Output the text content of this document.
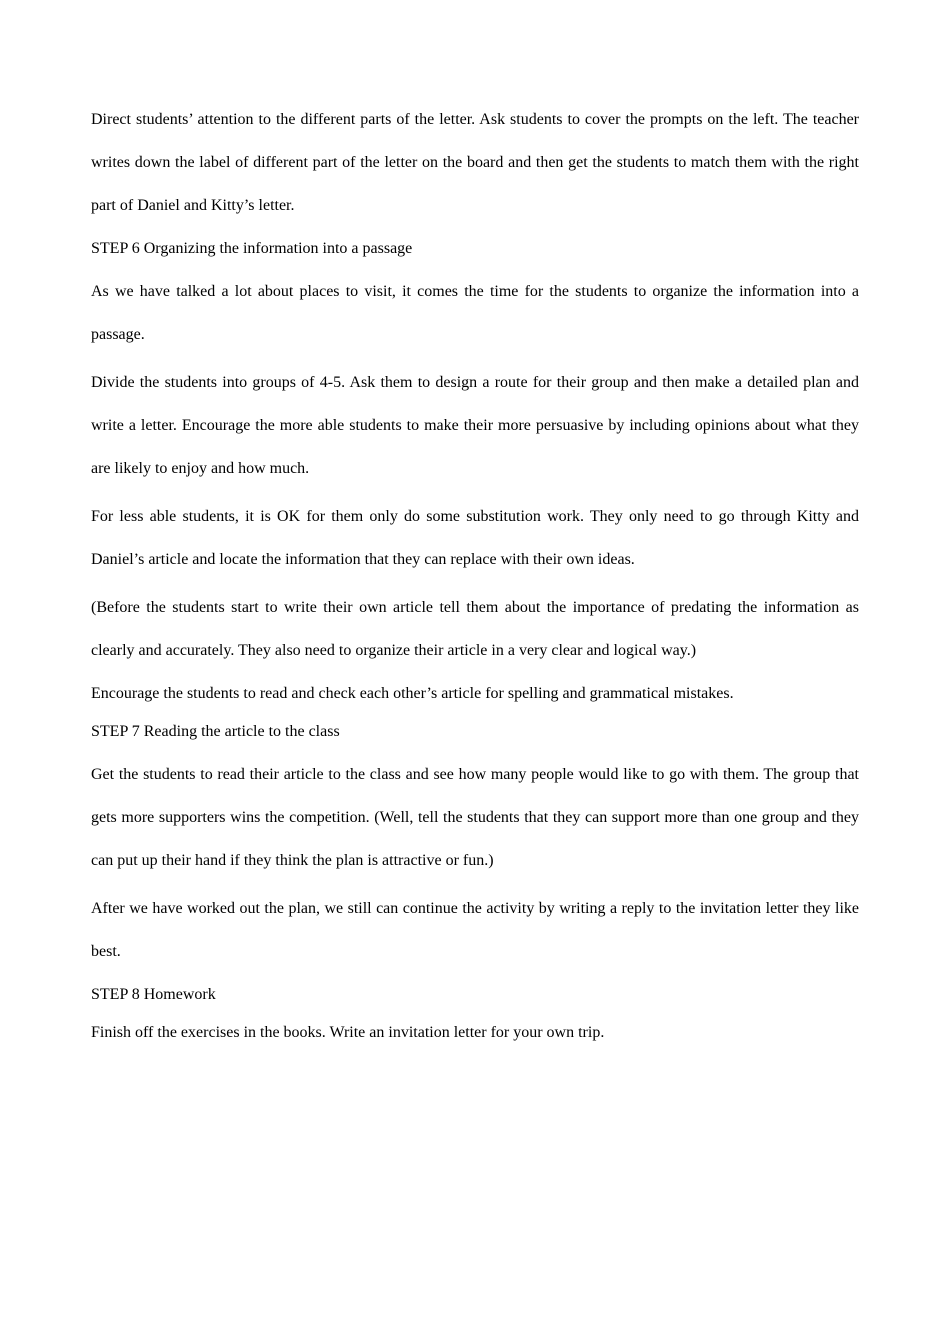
Direct students’ attention to the different parts of the letter. Ask students to cover the prompts on the left. The teacher writes down the label of different part of the letter on the board and then get the students to match them with the right part of Daniel and Kitty’s letter.

STEP 6 Organizing the information into a passage

As we have talked a lot about places to visit, it comes the time for the students to organize the information into a passage.

Divide the students into groups of 4-5. Ask them to design a route for their group and then make a detailed plan and write a letter. Encourage the more able students to make their more persuasive by including opinions about what they are likely to enjoy and how much.

For less able students, it is OK for them only do some substitution work. They only need to go through Kitty and Daniel’s article and locate the information that they can replace with their own ideas.

(Before the students start to write their own article tell them about the importance of predating the information as clearly and accurately. They also need to organize their article in a very clear and logical way.)

Encourage the students to read and check each other’s article for spelling and grammatical mistakes.

STEP 7 Reading the article to the class

Get the students to read their article to the class and see how many people would like to go with them. The group that gets more supporters wins the competition. (Well, tell the students that they can support more than one group and they can put up their hand if they think the plan is attractive or fun.)

After we have worked out the plan, we still can continue the activity by writing a reply to the invitation letter they like best.

STEP 8 Homework

Finish off the exercises in the books. Write an invitation letter for your own trip.
